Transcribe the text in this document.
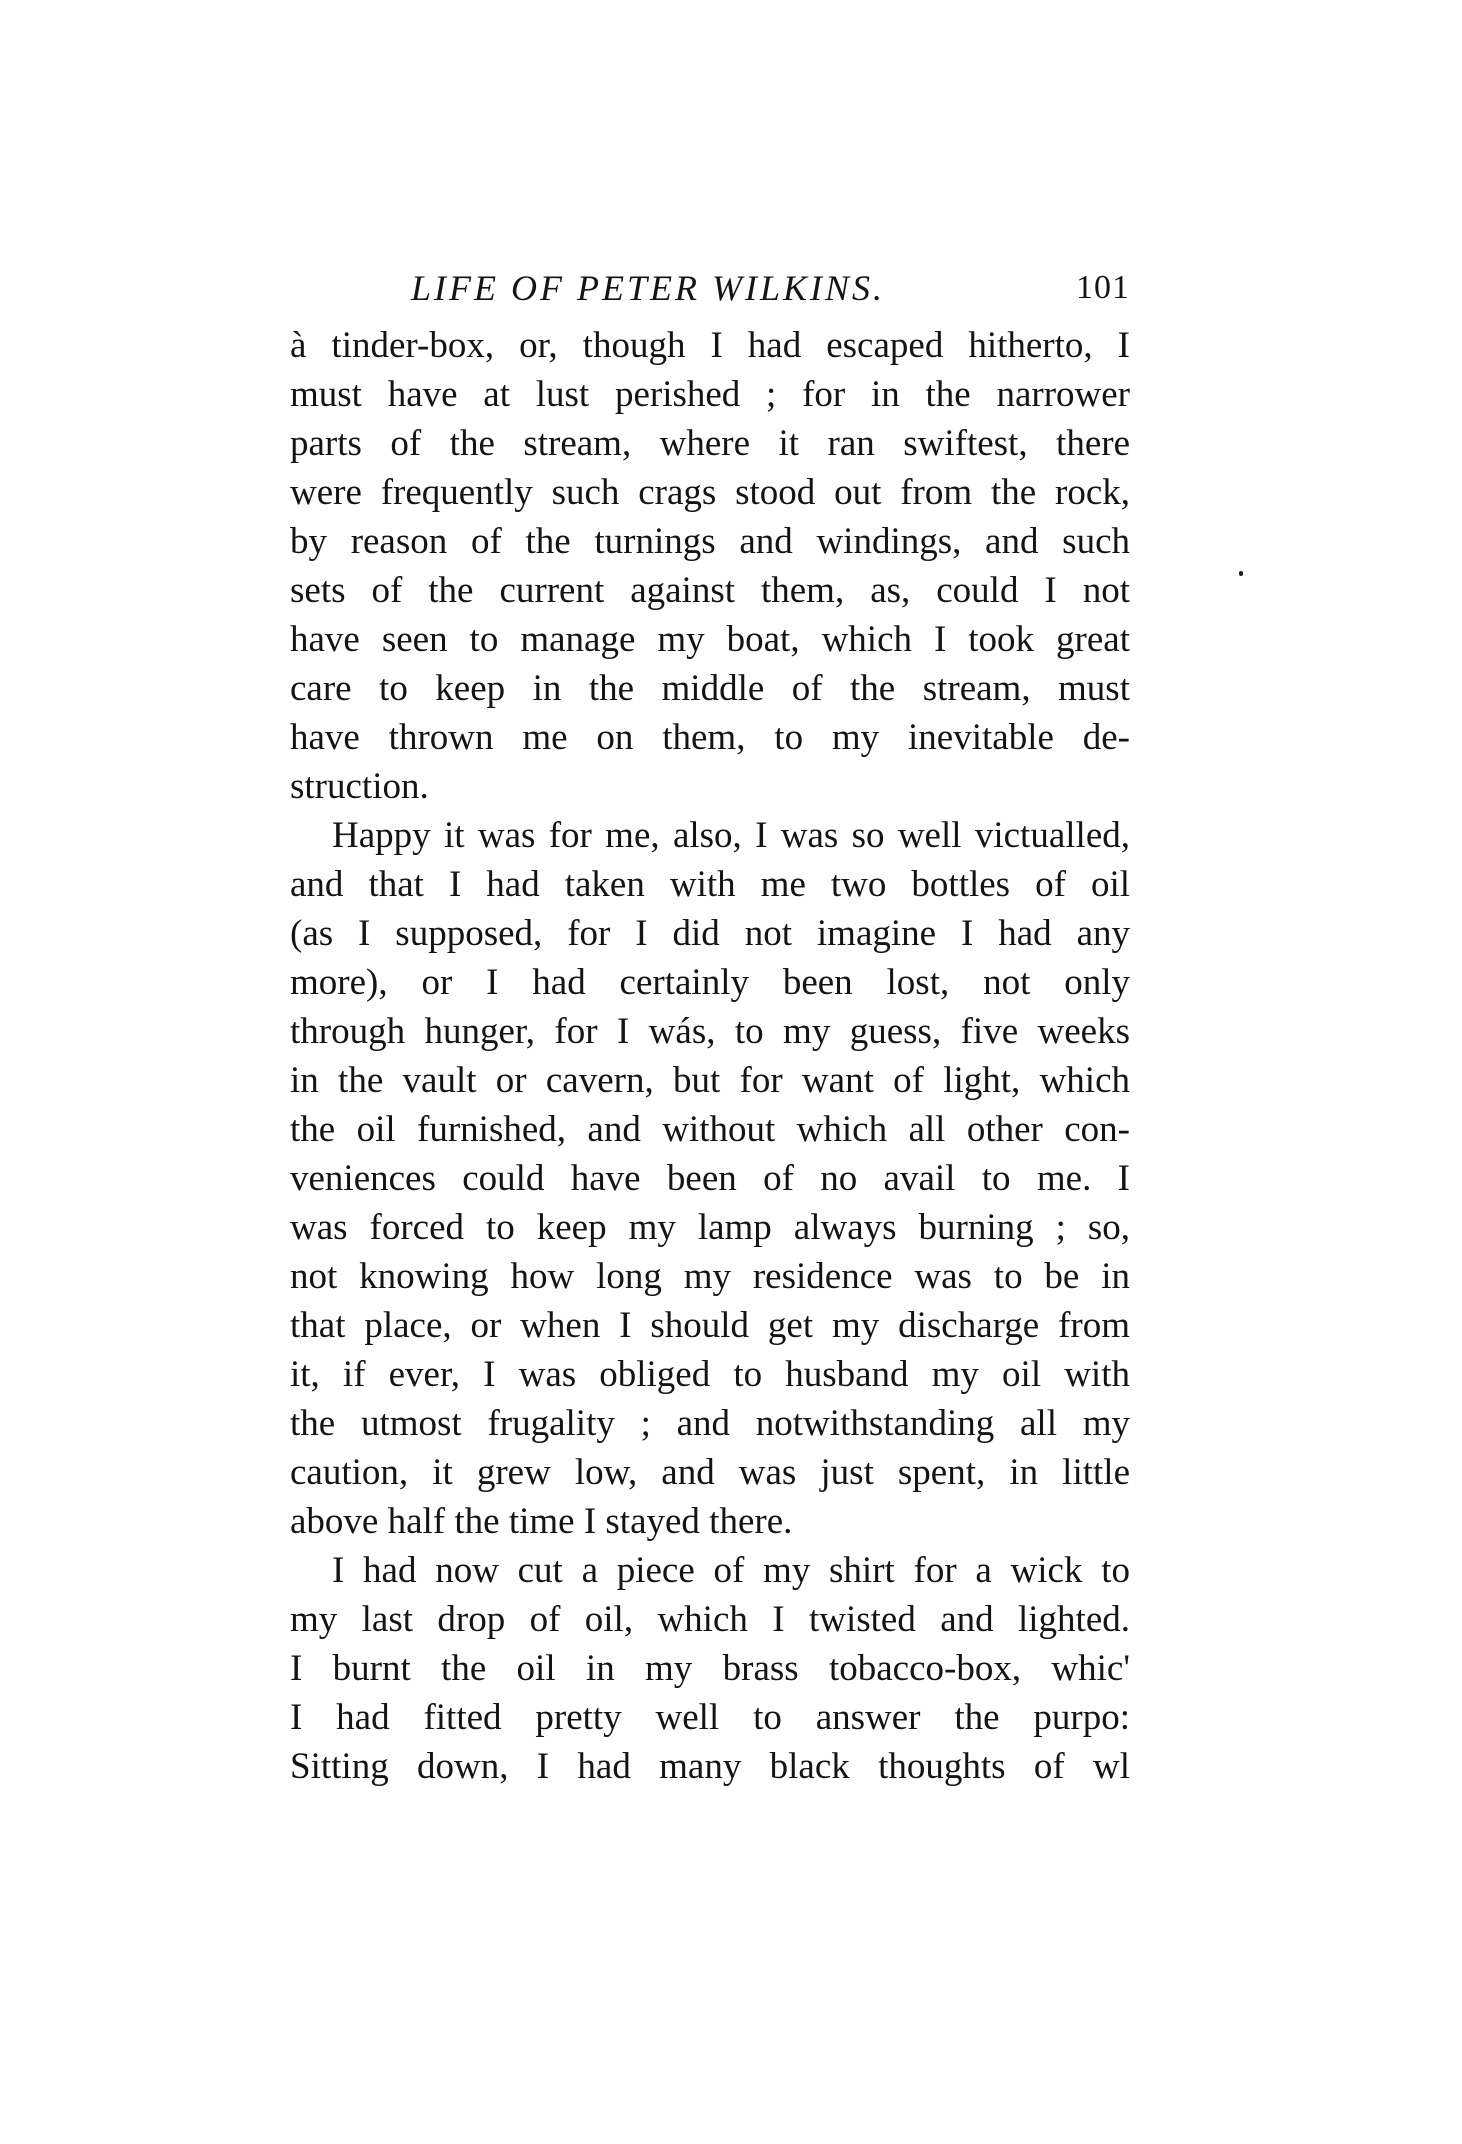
LIFE OF PETER WILKINS.	101
à tinder-box, or, though I had escaped hitherto, I
must have at lust perished ; for in the narrower
parts of the stream, where it ran swiftest, there
were frequently such crags stood out from the rock,
by reason of the turnings and windings, and such
sets of the current against them, as, could I not
have seen to manage my boat, which I took great
care to keep in the middle of the stream, must
have thrown me on them, to my inevitable de-
struction.
Happy it was for me, also, I was so well victualled,
and that I had taken with me two bottles of oil
(as I supposed, for I did not imagine I had any
more), or I had certainly been lost, not only
through hunger, for I wás, to my guess, five weeks
in the vault or cavern, but for want of light, which
the oil furnished, and without which all other con-
veniences could have been of no avail to me. I
was forced to keep my lamp always burning ; so,
not knowing how long my residence was to be in
that place, or when I should get my discharge from
it, if ever, I was obliged to husband my oil with
the utmost frugality ; and notwithstanding all my
caution, it grew low, and was just spent, in little
above half the time I stayed there.
I had now cut a piece of my shirt for a wick to
my last drop of oil, which I twisted and lighted.
I burnt the oil in my brass tobacco-box, whic'
I had fitted pretty well to answer the purpo:
Sitting down, I had many black thoughts of wl
